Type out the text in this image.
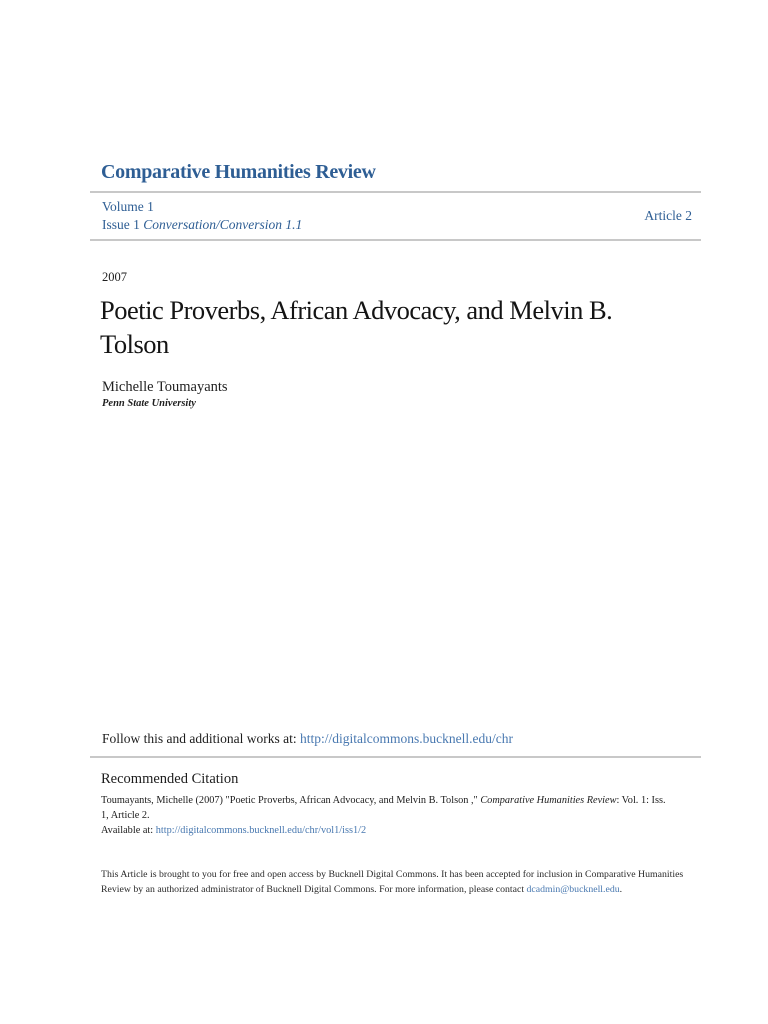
Comparative Humanities Review
Volume 1
Issue 1 Conversation/Conversion 1.1
Article 2
2007
Poetic Proverbs, African Advocacy, and Melvin B.
Tolson
Michelle Toumayants
Penn State University
Follow this and additional works at: http://digitalcommons.bucknell.edu/chr
Recommended Citation
Toumayants, Michelle (2007) "Poetic Proverbs, African Advocacy, and Melvin B. Tolson ," Comparative Humanities Review: Vol. 1: Iss.
1, Article 2.
Available at: http://digitalcommons.bucknell.edu/chr/vol1/iss1/2
This Article is brought to you for free and open access by Bucknell Digital Commons. It has been accepted for inclusion in Comparative Humanities
Review by an authorized administrator of Bucknell Digital Commons. For more information, please contact dcadmin@bucknell.edu.
